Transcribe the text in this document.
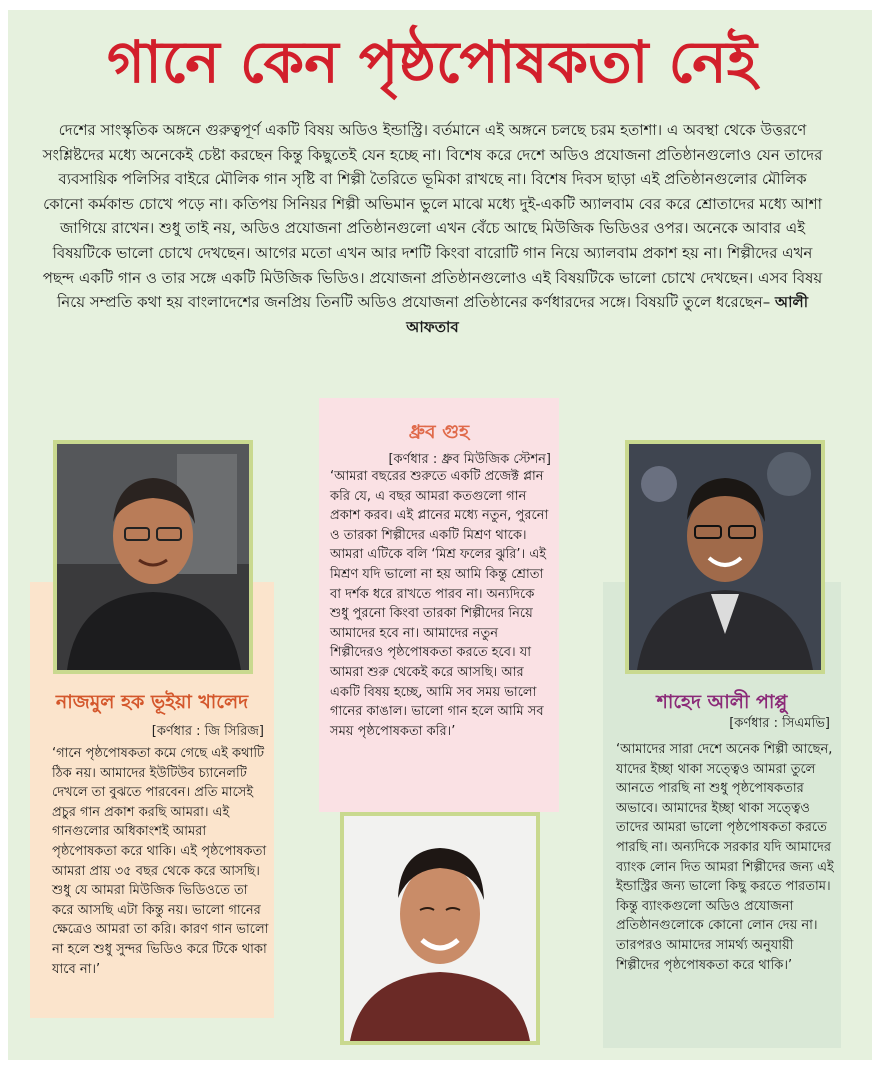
গানে কেন পৃষ্ঠপোষকতা নেই

দেশের সাংস্কৃতিক অঙ্গনে গুরুত্বপূর্ণ একটি বিষয় অডিও ইন্ডাস্ট্রি। বর্তমানে এই অঙ্গনে চলছে চরম হতাশা। এ অবস্থা থেকে উত্তরণে সংশ্লিষ্টদের মধ্যে অনেকেই চেষ্টা করছেন কিন্তু কিছুতেই যেন হচ্ছে না। বিশেষ করে দেশে অডিও প্রযোজনা প্রতিষ্ঠানগুলোও যেন তাদের ব্যবসায়িক পলিসির বাইরে মৌলিক গান সৃষ্টি বা শিল্পী তৈরিতে ভূমিকা রাখছে না। বিশেষ দিবস ছাড়া এই প্রতিষ্ঠানগুলোর মৌলিক কোনো কর্মকান্ড চোখে পড়ে না। কতিপয় সিনিয়র শিল্পী অভিমান ভুলে মাঝে মধ্যে দুই-একটি অ্যালবাম বের করে শ্রোতাদের মধ্যে আশা জাগিয়ে রাখেন। শুধু তাই নয়, অডিও প্রযোজনা প্রতিষ্ঠানগুলো এখন বেঁচে আছে মিউজিক ভিডিওর ওপর। অনেকে আবার এই বিষয়টিকে ভালো চোখে দেখছেন। আগের মতো এখন আর দশটি কিংবা বারোটি গান নিয়ে অ্যালবাম প্রকাশ হয় না। শিল্পীদের এখন পছন্দ একটি গান ও তার সঙ্গে একটি মিউজিক ভিডিও। প্রযোজনা প্রতিষ্ঠানগুলোও এই বিষয়টিকে ভালো চোখে দেখছেন। এসব বিষয় নিয়ে সম্প্রতি কথা হয় বাংলাদেশের জনপ্রিয় তিনটি অডিও প্রযোজনা প্রতিষ্ঠানের কর্ণধারদের সঙ্গে। বিষয়টি তুলে ধরেছেন– আলী আফতাব

নাজমুল হক ভূইয়া খালেদ

[কর্ণধার : জি সিরিজ]

‘গানে পৃষ্ঠপোষকতা কমে গেছে এই কথাটি ঠিক নয়। আমাদের ইউটিউব চ্যানেলটি দেখলে তা বুঝতে পারবেন। প্রতি মাসেই প্রচুর গান প্রকাশ করছি আমরা। এই গানগুলোর অধিকাংশই আমরা পৃষ্ঠপোষকতা করে থাকি। এই পৃষ্ঠপোষকতা আমরা প্রায় ৩৫ বছর থেকে করে আসছি। শুধু যে আমরা মিউজিক ভিডিওতে তা করে আসছি এটা কিন্তু নয়। ভালো গানের ক্ষেত্রেও আমরা তা করি। কারণ গান ভালো না হলে শুধু সুন্দর ভিডিও করে টিকে থাকা যাবে না।’

ধ্রুব গুহ

[কর্ণধার : ধ্রুব মিউজিক স্টেশন]

‘আমরা বছরের শুরুতে একটি প্রজেক্ট প্লান করি যে, এ বছর আমরা কতগুলো গান প্রকাশ করব। এই প্লানের মধ্যে নতুন, পুরনো ও তারকা শিল্পীদের একটি মিশ্রণ থাকে। আমরা এটিকে বলি ‘মিশ্র ফলের ঝুরি’। এই মিশ্রণ যদি ভালো না হয় আমি কিন্তু শ্রোতা বা দর্শক ধরে রাখতে পারব না। অন্যদিকে শুধু পুরনো কিংবা তারকা শিল্পীদের নিয়ে আমাদের হবে না। আমাদের নতুন শিল্পীদেরও পৃষ্ঠপোষকতা করতে হবে। যা আমরা শুরু থেকেই করে আসছি। আর একটি বিষয় হচ্ছে, আমি সব সময় ভালো গানের কাঙাল। ভালো গান হলে আমি সব সময় পৃষ্ঠপোষকতা করি।’

শাহেদ আলী পাপ্পু

[কর্ণধার : সিএমভি]

‘আমাদের সারা দেশে অনেক শিল্পী আছেন, যাদের ইচ্ছা থাকা সত্ত্বেও আমরা তুলে আনতে পারছি না শুধু পৃষ্ঠপোষকতার অভাবে। আমাদের ইচ্ছা থাকা সত্ত্বেও তাদের আমরা ভালো পৃষ্ঠপোষকতা করতে পারছি না। অন্যদিকে সরকার যদি আমাদের ব্যাংক লোন দিত আমরা শিল্পীদের জন্য এই ইন্ডাস্ট্রির জন্য ভালো কিছু করতে পারতাম। কিন্তু ব্যাংকগুলো অডিও প্রযোজনা প্রতিষ্ঠানগুলোকে কোনো লোন দেয় না। তারপরও আমাদের সামর্থ্য অনুযায়ী শিল্পীদের পৃষ্ঠপোষকতা করে থাকি।’
